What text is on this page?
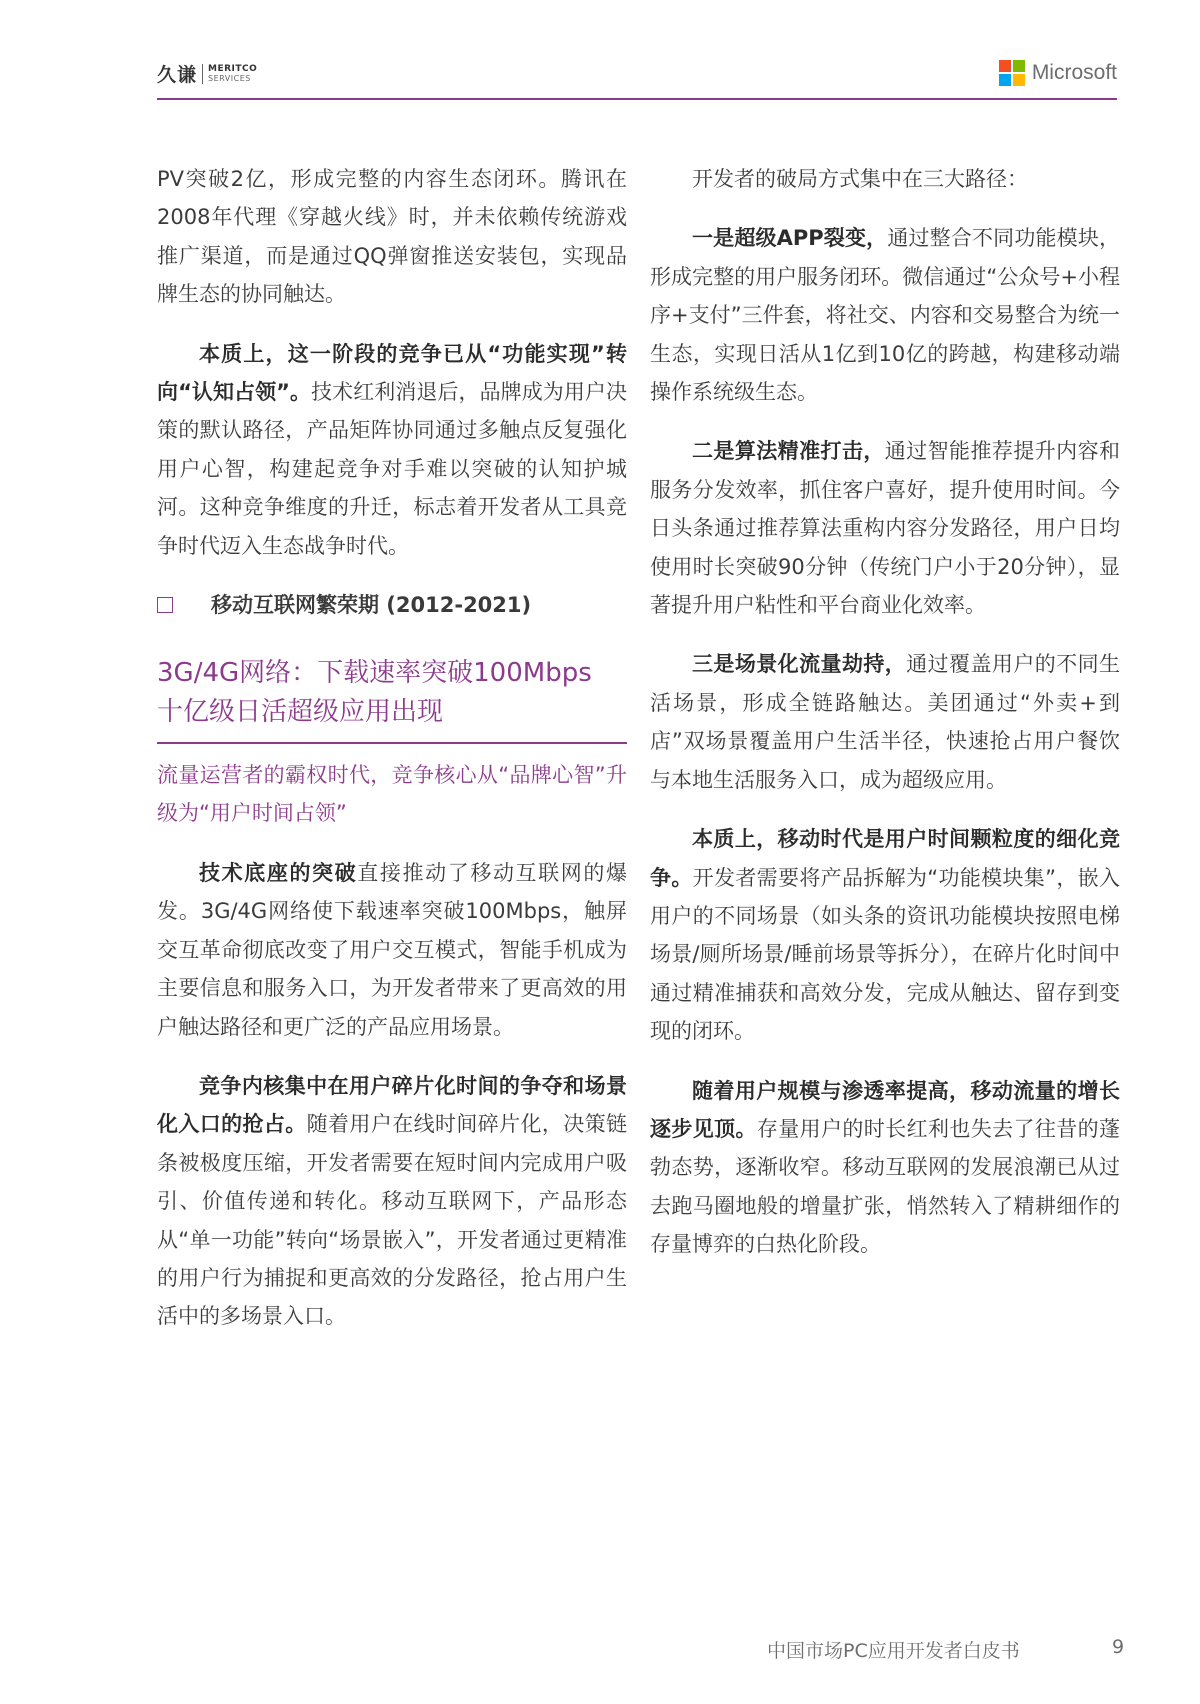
久谦 MERITCO
SERVICES	Microsoft

PV突破2亿，形成完整的内容生态闭环。腾讯在2008年代理《穿越火线》时，并未依赖传统游戏推广渠道，而是通过QQ弹窗推送安装包，实现品牌生态的协同触达。

本质上，这一阶段的竞争已从“功能实现”转向“认知占领”。技术红利消退后，品牌成为用户决策的默认路径，产品矩阵协同通过多触点反复强化用户心智，构建起竞争对手难以突破的认知护城河。这种竞争维度的升迁，标志着开发者从工具竞争时代迈入生态战争时代。

移动互联网繁荣期 (2012-2021)
3G/4G网络：下载速率突破100Mbps
十亿级日活超级应用出现

流量运营者的霸权时代，竞争核心从“品牌心智”升级为“用户时间占领”

技术底座的突破直接推动了移动互联网的爆发。3G/4G网络使下载速率突破100Mbps，触屏交互革命彻底改变了用户交互模式，智能手机成为主要信息和服务入口，为开发者带来了更高效的用户触达路径和更广泛的产品应用场景。

竞争内核集中在用户碎片化时间的争夺和场景化入口的抢占。随着用户在线时间碎片化，决策链条被极度压缩，开发者需要在短时间内完成用户吸引、价值传递和转化。移动互联网下，产品形态从“单一功能”转向“场景嵌入”，开发者通过更精准的用户行为捕捉和更高效的分发路径，抢占用户生活中的多场景入口。

开发者的破局方式集中在三大路径：

一是超级APP裂变，通过整合不同功能模块，形成完整的用户服务闭环。微信通过“公众号+小程序+支付”三件套，将社交、内容和交易整合为统一生态，实现日活从1亿到10亿的跨越，构建移动端操作系统级生态。

二是算法精准打击，通过智能推荐提升内容和服务分发效率，抓住客户喜好，提升使用时间。今日头条通过推荐算法重构内容分发路径，用户日均使用时长突破90分钟（传统门户小于20分钟），显著提升用户粘性和平台商业化效率。

三是场景化流量劫持，通过覆盖用户的不同生活场景，形成全链路触达。美团通过“外卖+到店”双场景覆盖用户生活半径，快速抢占用户餐饮与本地生活服务入口，成为超级应用。

本质上，移动时代是用户时间颗粒度的细化竞争。开发者需要将产品拆解为“功能模块集”，嵌入用户的不同场景（如头条的资讯功能模块按照电梯场景/厕所场景/睡前场景等拆分），在碎片化时间中通过精准捕获和高效分发，完成从触达、留存到变现的闭环。

随着用户规模与渗透率提高，移动流量的增长逐步见顶。存量用户的时长红利也失去了往昔的蓬勃态势，逐渐收窄。移动互联网的发展浪潮已从过去跑马圈地般的增量扩张，悄然转入了精耕细作的存量博弈的白热化阶段。

中国市场PC应用开发者白皮书	9
